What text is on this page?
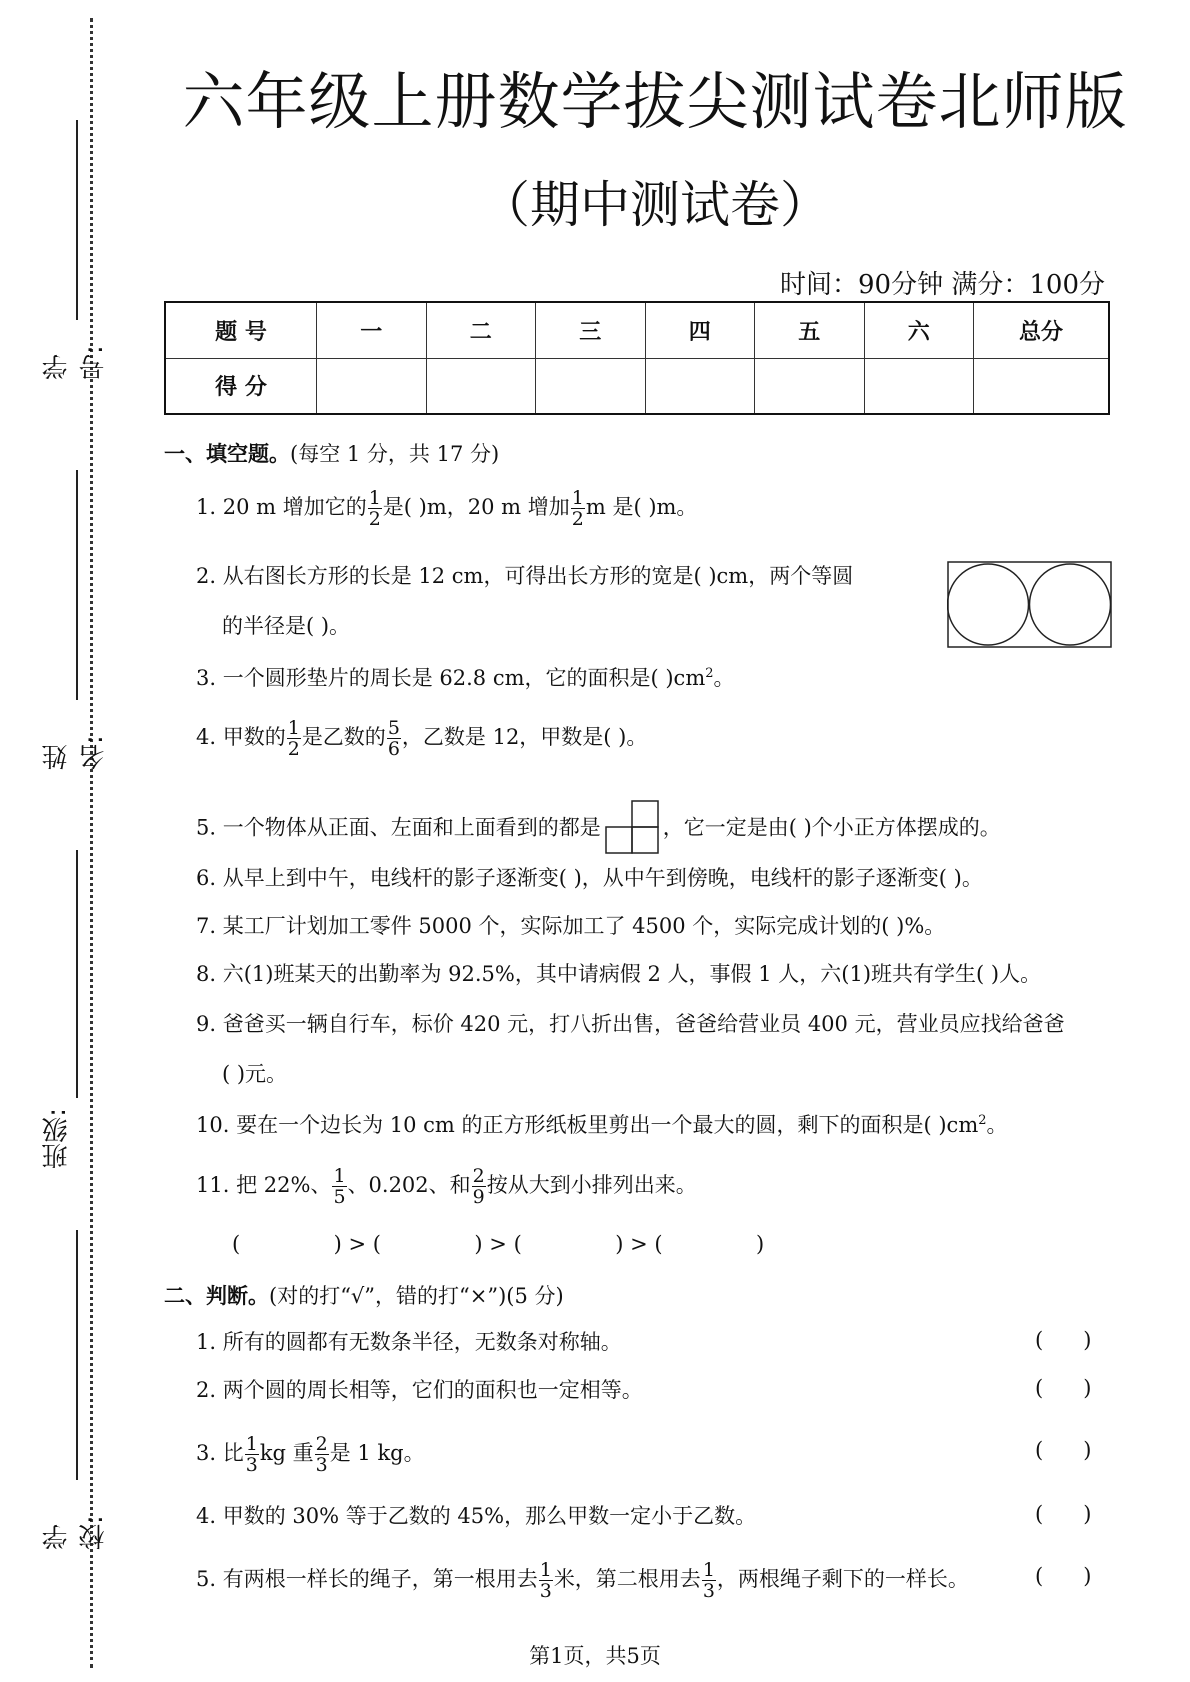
学号:
姓名:
班级:
学校:
六年级上册数学拔尖测试卷北师版
（期中测试卷）
时间：90分钟 满分：100分
题 号	一	二	三	四	五	六	总分
得 分							
一、填空题。(每空 1 分，共 17 分)
1. 20 m 增加它的 $\frac{1}{2}$ 是( )m，20 m 增加 $\frac{1}{2}$ m 是( )m。
2. 从右图长方形的长是 12 cm，可得出长方形的宽是( )cm，两个等圆
的半径是( )。
3. 一个圆形垫片的周长是 62.8 cm，它的面积是( )$cm^2$。
4. 甲数的 $\frac{1}{2}$ 是乙数的 $\frac{5}{6}$ ，乙数是 12，甲数是( )。
5. 一个物体从正面、左面和上面看到的都是	，它一定是由( )个小正方体摆成的。
6. 从早上到中午，电线杆的影子逐渐变( )，从中午到傍晚，电线杆的影子逐渐变( )。
7. 某工厂计划加工零件 5000 个，实际加工了 4500 个，实际完成计划的( )%。
8. 六(1)班某天的出勤率为 92.5%，其中请病假 2 人，事假 1 人，六(1)班共有学生( )人。
9. 爸爸买一辆自行车，标价 420 元，打八折出售，爸爸给营业员 400 元，营业员应找给爸爸
( )元。
10. 要在一个边长为 10 cm 的正方形纸板里剪出一个最大的圆，剩下的面积是( )$cm^2$。
11. 把 22%、 $\frac{1}{5}$ 、0.202、和 $\frac{2}{9}$ 按从大到小排列出来。
(              ) > (              ) > (              ) > (              )
二、判断。(对的打“√”，错的打“×”)(5 分)
1. 所有的圆都有无数条半径，无数条对称轴。	(      )
2. 两个圆的周长相等，它们的面积也一定相等。	(      )
3. 比 $\frac{1}{3}$ kg 重 $\frac{2}{3}$ 是 1 kg。	(      )
4. 甲数的 30% 等于乙数的 45%，那么甲数一定小于乙数。	(      )
5. 有两根一样长的绳子，第一根用去 $\frac{1}{3}$ 米，第二根用去 $\frac{1}{3}$ ，两根绳子剩下的一样长。	(      )
第1页，共5页
